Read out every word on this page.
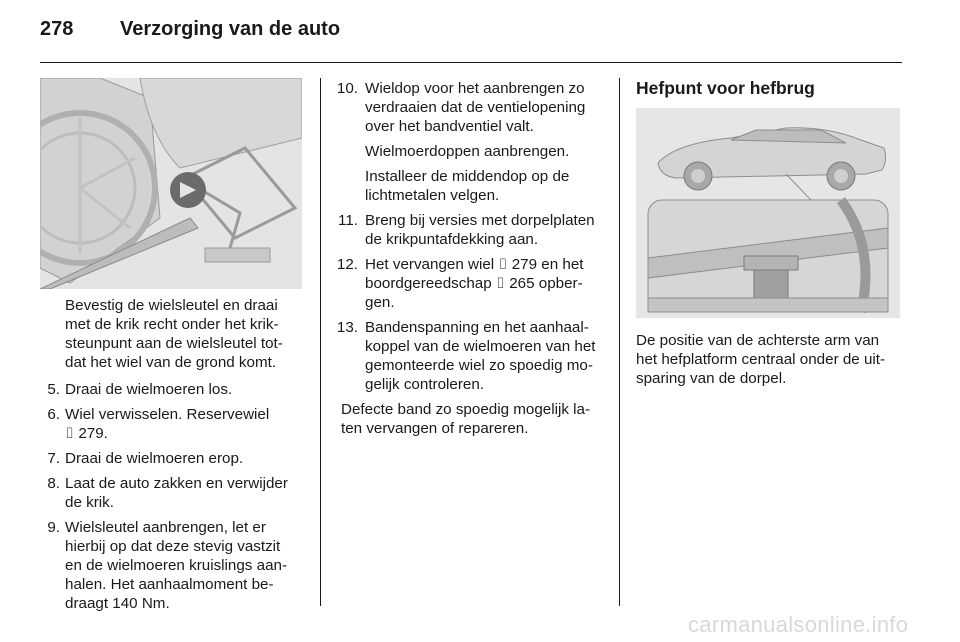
278 Verzorging van de auto

Bevestig de wielsleutel en draai
met de krik recht onder het krik-
steunpunt aan de wielsleutel tot-
dat het wiel van de grond komt.

5. Draai de wielmoeren los.
6. Wiel verwisselen. Reservewiel
⌷ 279.
7. Draai de wielmoeren erop.
8. Laat de auto zakken en verwijder
de krik.
9. Wielsleutel aanbrengen, let er
hierbij op dat deze stevig vastzit
en de wielmoeren kruislings aan-
halen. Het aanhaalmoment be-
draagt 140 Nm.
10. Wieldop voor het aanbrengen zo
verdraaien dat de ventielopening
over het bandventiel valt.
Wielmoerdoppen aanbrengen.
Installeer de middendop op de
lichtmetalen velgen.
11. Breng bij versies met dorpelplaten
de krikpuntafdekking aan.
12. Het vervangen wiel ⌷ 279 en het
boordgereedschap ⌷ 265 opber-
gen.
13. Bandenspanning en het aanhaal-
koppel van de wielmoeren van het
gemonteerde wiel zo spoedig mo-
gelijk controleren.

Defecte band zo spoedig mogelijk la-
ten vervangen of repareren.

Hefpunt voor hefbrug

De positie van de achterste arm van
het hefplatform centraal onder de uit-
sparing van de dorpel.

carmanualsonline.info
